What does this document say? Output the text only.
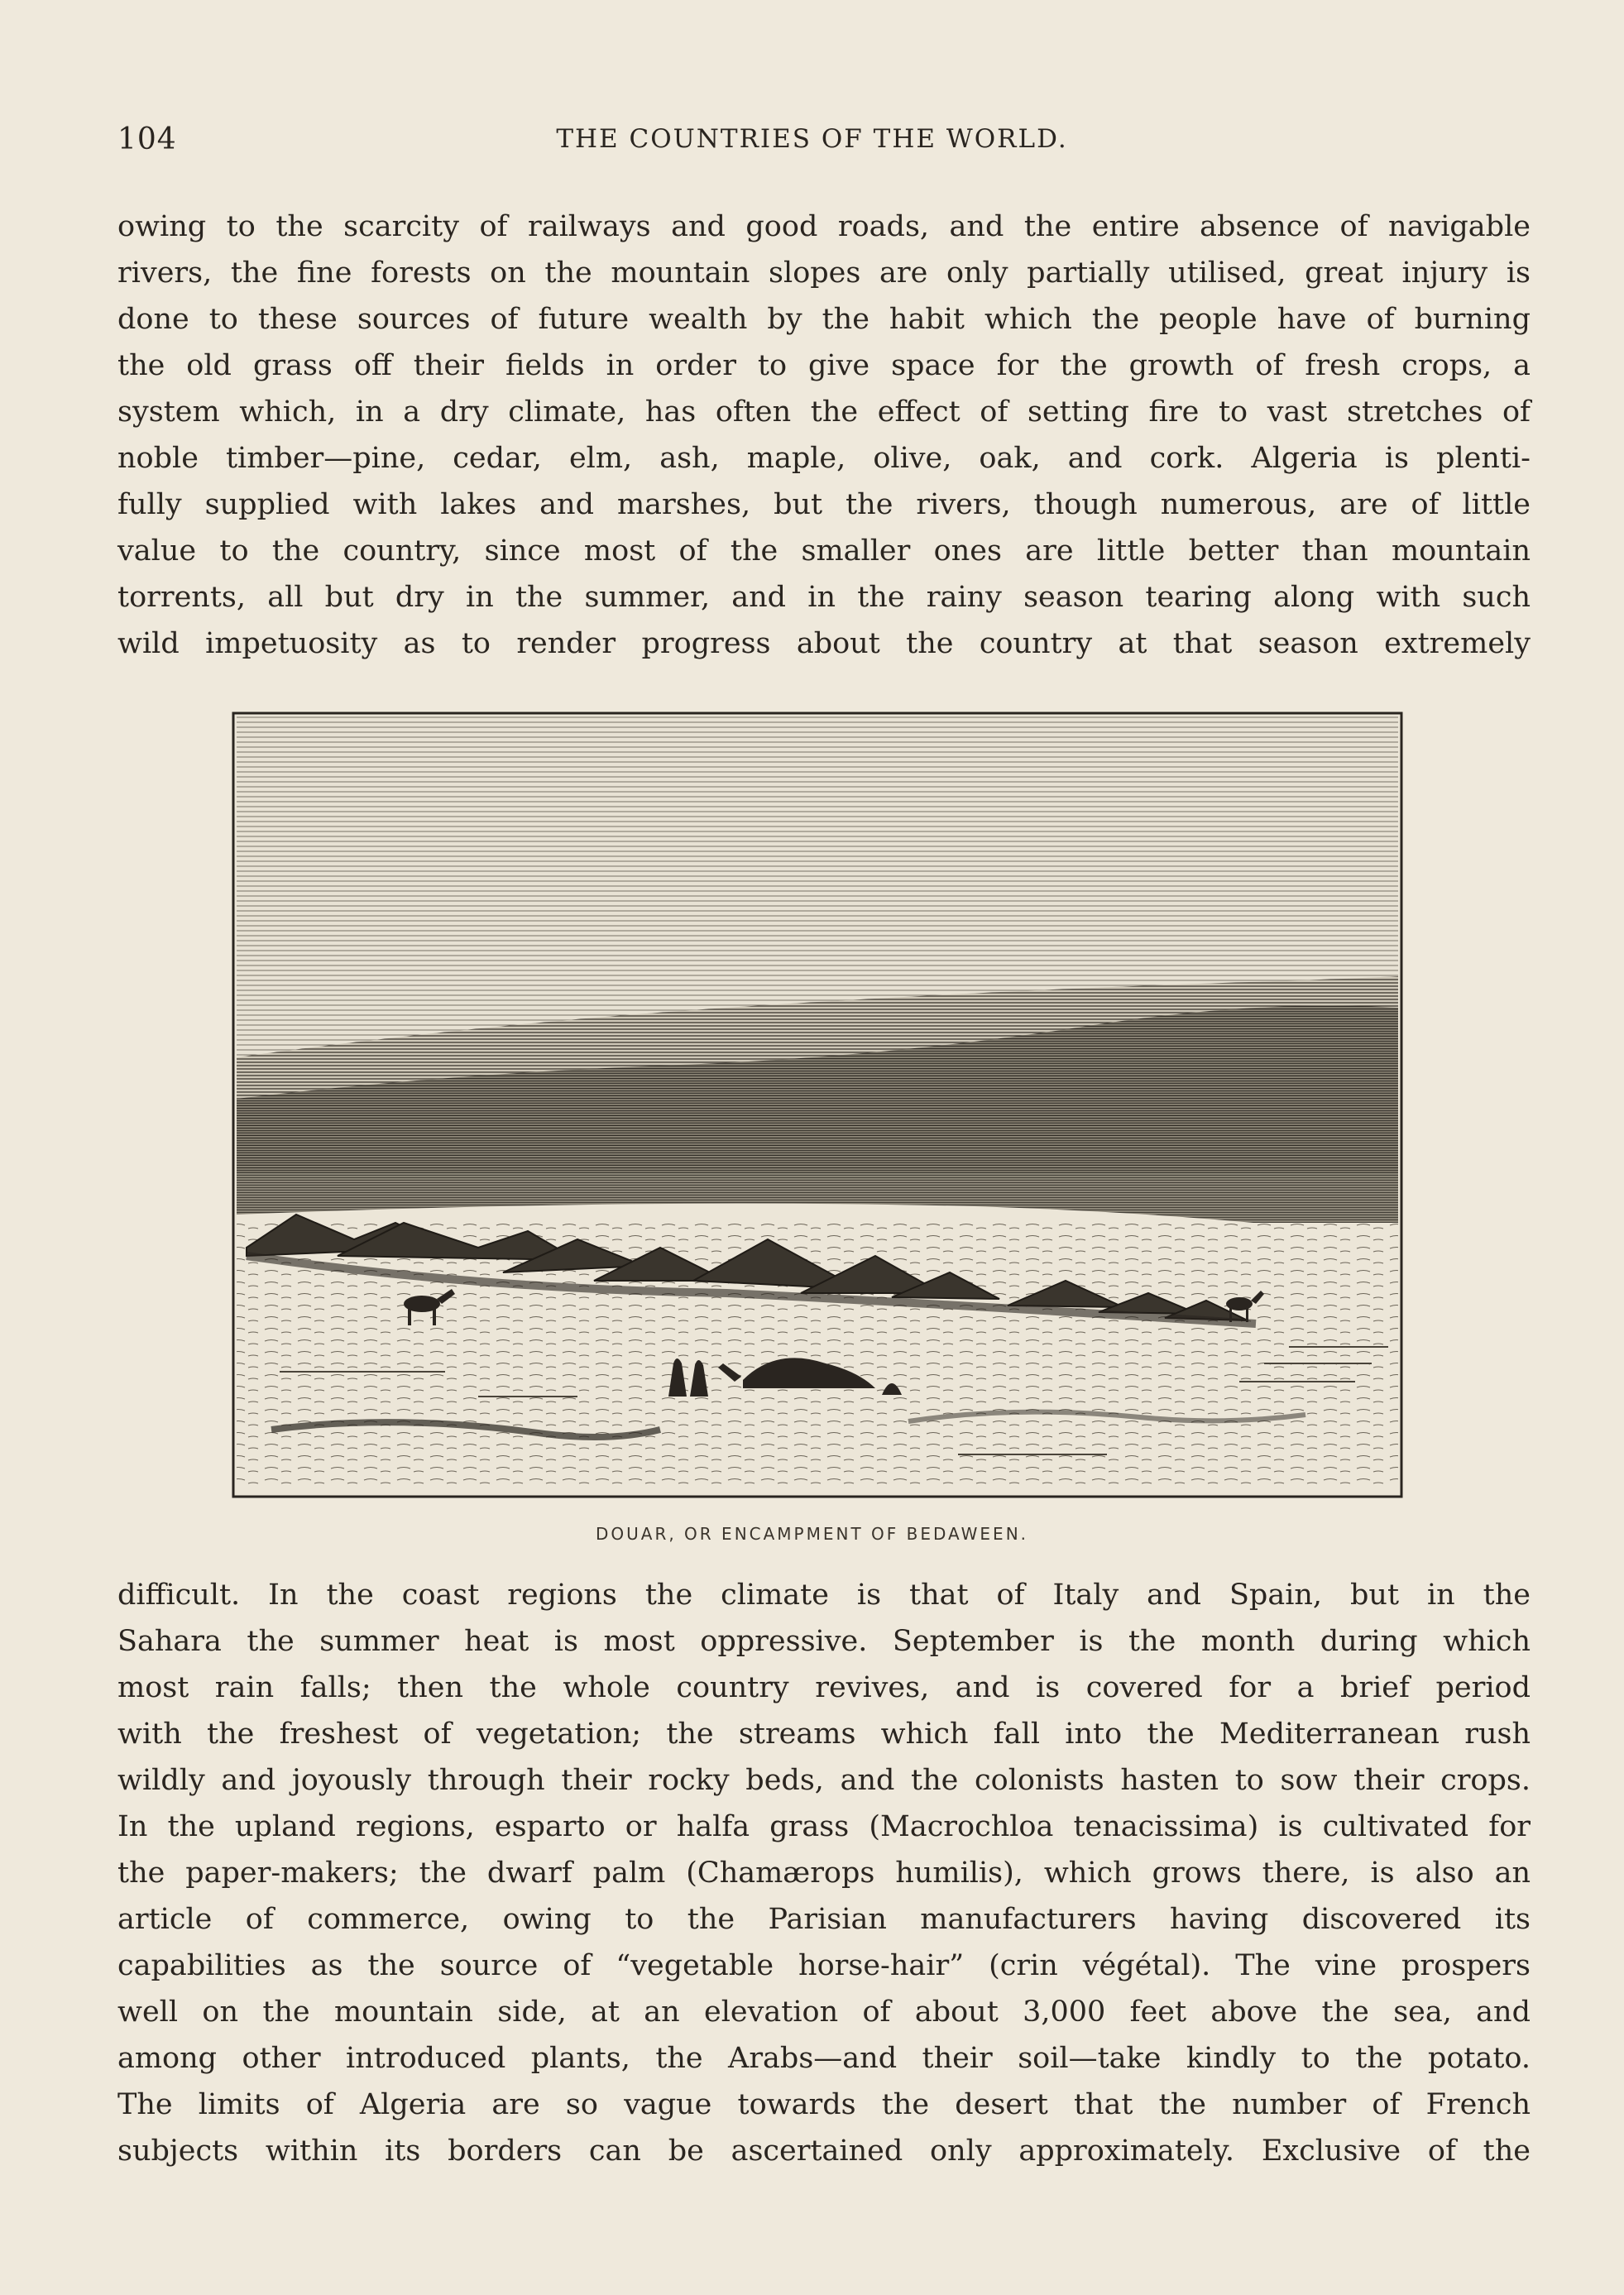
104	THE COUNTRIES OF THE WORLD.
owing to the scarcity of railways and good roads, and the entire absence of navigable
rivers, the fine forests on the mountain slopes are only partially utilised, great injury is
done to these sources of future wealth by the habit which the people have of burning
the old grass off their fields in order to give space for the growth of fresh crops, a
system which, in a dry climate, has often the effect of setting fire to vast stretches of
noble timber—pine, cedar, elm, ash, maple, olive, oak, and cork. Algeria is plenti-
fully supplied with lakes and marshes, but the rivers, though numerous, are of little
value to the country, since most of the smaller ones are little better than mountain
torrents, all but dry in the summer, and in the rainy season tearing along with such
wild impetuosity as to render progress about the country at that season extremely
DOUAR, OR ENCAMPMENT OF BEDAWEEN.
difficult. In the coast regions the climate is that of Italy and Spain, but in the
Sahara the summer heat is most oppressive. September is the month during which
most rain falls; then the whole country revives, and is covered for a brief period
with the freshest of vegetation; the streams which fall into the Mediterranean rush
wildly and joyously through their rocky beds, and the colonists hasten to sow their crops.
In the upland regions, esparto or halfa grass (Macrochloa tenacissima) is cultivated for
the paper-makers; the dwarf palm (Chamærops humilis), which grows there, is also an
article of commerce, owing to the Parisian manufacturers having discovered its
capabilities as the source of “vegetable horse-hair” (crin végétal). The vine prospers
well on the mountain side, at an elevation of about 3,000 feet above the sea, and
among other introduced plants, the Arabs—and their soil—take kindly to the potato.
The limits of Algeria are so vague towards the desert that the number of French
subjects within its borders can be ascertained only approximately. Exclusive of the
